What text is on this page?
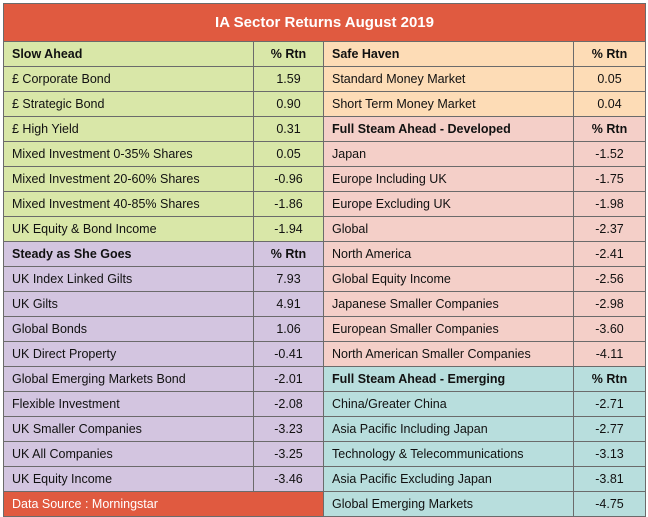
IA Sector Returns August 2019			
Slow Ahead	% Rtn	Safe Haven	% Rtn
£ Corporate Bond	1.59	Standard Money Market	0.05
£ Strategic Bond	0.90	Short Term Money Market	0.04
£ High Yield	0.31	Full Steam Ahead - Developed	% Rtn
Mixed Investment 0-35% Shares	0.05	Japan	-1.52
Mixed Investment 20-60% Shares	-0.96	Europe Including UK	-1.75
Mixed Investment 40-85% Shares	-1.86	Europe Excluding UK	-1.98
UK Equity & Bond Income	-1.94	Global	-2.37
Steady as She Goes	% Rtn	North America	-2.41
UK Index Linked Gilts	7.93	Global Equity Income	-2.56
UK Gilts	4.91	Japanese Smaller Companies	-2.98
Global Bonds	1.06	European Smaller Companies	-3.60
UK Direct Property	-0.41	North American Smaller Companies	-4.11
Global Emerging Markets Bond	-2.01	Full Steam Ahead - Emerging	% Rtn
Flexible Investment	-2.08	China/Greater China	-2.71
UK Smaller Companies	-3.23	Asia Pacific Including Japan	-2.77
UK All Companies	-3.25	Technology & Telecommunications	-3.13
UK Equity Income	-3.46	Asia Pacific Excluding Japan	-3.81
Data Source : Morningstar		Global Emerging Markets	-4.75
